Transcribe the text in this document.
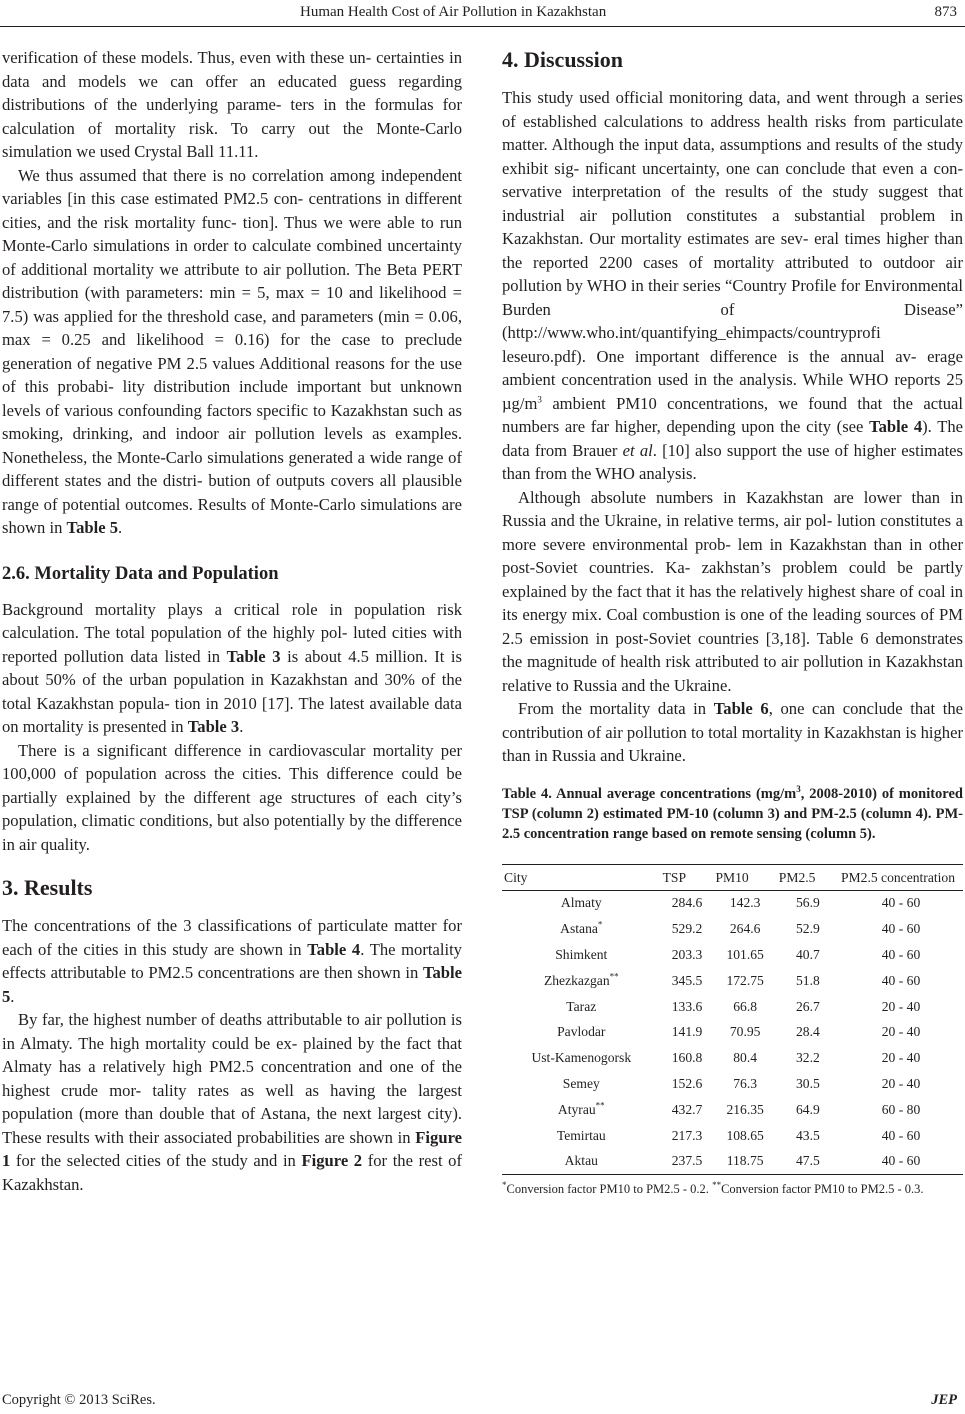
Human Health Cost of Air Pollution in Kazakhstan	873

verification of these models. Thus, even with these un- certainties in data and models we can offer an educated guess regarding distributions of the underlying parame- ters in the formulas for calculation of mortality risk. To carry out the Monte-Carlo simulation we used Crystal Ball 11.11.

We thus assumed that there is no correlation among independent variables [in this case estimated PM2.5 con- centrations in different cities, and the risk mortality func- tion]. Thus we were able to run Monte-Carlo simulations in order to calculate combined uncertainty of additional mortality we attribute to air pollution. The Beta PERT distribution (with parameters: min = 5, max = 10 and likelihood = 7.5) was applied for the threshold case, and parameters (min = 0.06, max = 0.25 and likelihood = 0.16) for the case to preclude generation of negative PM 2.5 values Additional reasons for the use of this probabi- lity distribution include important but unknown levels of various confounding factors specific to Kazakhstan such as smoking, drinking, and indoor air pollution levels as examples. Nonetheless, the Monte-Carlo simulations generated a wide range of different states and the distri- bution of outputs covers all plausible range of potential outcomes. Results of Monte-Carlo simulations are shown in Table 5.

2.6. Mortality Data and Population

Background mortality plays a critical role in population risk calculation. The total population of the highly pol- luted cities with reported pollution data listed in Table 3 is about 4.5 million. It is about 50% of the urban population in Kazakhstan and 30% of the total Kazakhstan popula- tion in 2010 [17]. The latest available data on mortality is presented in Table 3.

There is a significant difference in cardiovascular mortality per 100,000 of population across the cities. This difference could be partially explained by the different age structures of each city’s population, climatic conditions, but also potentially by the difference in air quality.

3. Results

The concentrations of the 3 classifications of particulate matter for each of the cities in this study are shown in Table 4. The mortality effects attributable to PM2.5 concentrations are then shown in Table 5.

By far, the highest number of deaths attributable to air pollution is in Almaty. The high mortality could be ex- plained by the fact that Almaty has a relatively high PM2.5 concentration and one of the highest crude mor- tality rates as well as having the largest population (more than double that of Astana, the next largest city). These results with their associated probabilities are shown in Figure 1 for the selected cities of the study and in Figure 2 for the rest of Kazakhstan.

4. Discussion

This study used official monitoring data, and went through a series of established calculations to address health risks from particulate matter. Although the input data, assumptions and results of the study exhibit sig- nificant uncertainty, one can conclude that even a con- servative interpretation of the results of the study suggest that industrial air pollution constitutes a substantial problem in Kazakhstan. Our mortality estimates are sev- eral times higher than the reported 2200 cases of mortality attributed to outdoor air pollution by WHO in their series “Country Profile for Environmental Burden of Disease” (http://www.who.int/quantifying_ehimpacts/countryprofi leseuro.pdf). One important difference is the annual av- erage ambient concentration used in the analysis. While WHO reports 25 $\mu g/m^3$ ambient PM10 concentrations, we found that the actual numbers are far higher, depending upon the city (see Table 4). The data from Brauer et al. [10] also support the use of higher estimates than from the WHO analysis.

Although absolute numbers in Kazakhstan are lower than in Russia and the Ukraine, in relative terms, air pol- lution constitutes a more severe environmental prob- lem in Kazakhstan than in other post-Soviet countries. Ka- zakhstan’s problem could be partly explained by the fact that it has the relatively highest share of coal in its energy mix. Coal combustion is one of the leading sources of PM 2.5 emission in post-Soviet countries [3,18]. Table 6 demonstrates the magnitude of health risk attributed to air pollution in Kazakhstan relative to Russia and the Ukraine.

From the mortality data in Table 6, one can conclude that the contribution of air pollution to total mortality in Kazakhstan is higher than in Russia and Ukraine.

Table 4. Annual average concentrations ($mg/m^3$, 2008-2010) of monitored TSP (column 2) estimated PM-10 (column 3) and PM-2.5 (column 4). PM-2.5 concentration range based on remote sensing (column 5).
City	TSP	PM10	PM2.5	PM2.5 concentration
Almaty	284.6	142.3	56.9	40 - 60
Astana*	529.2	264.6	52.9	40 - 60
Shimkent	203.3	101.65	40.7	40 - 60
Zhezkazgan**	345.5	172.75	51.8	40 - 60
Taraz	133.6	66.8	26.7	20 - 40
Pavlodar	141.9	70.95	28.4	20 - 40
Ust-Kamenogorsk	160.8	80.4	32.2	20 - 40
Semey	152.6	76.3	30.5	20 - 40
Atyrau**	432.7	216.35	64.9	60 - 80
Temirtau	217.3	108.65	43.5	40 - 60
Aktau	237.5	118.75	47.5	40 - 60
*Conversion factor PM10 to PM2.5 - 0.2. **Conversion factor PM10 to PM2.5 - 0.3.
Copyright © 2013 SciRes.	JEP
